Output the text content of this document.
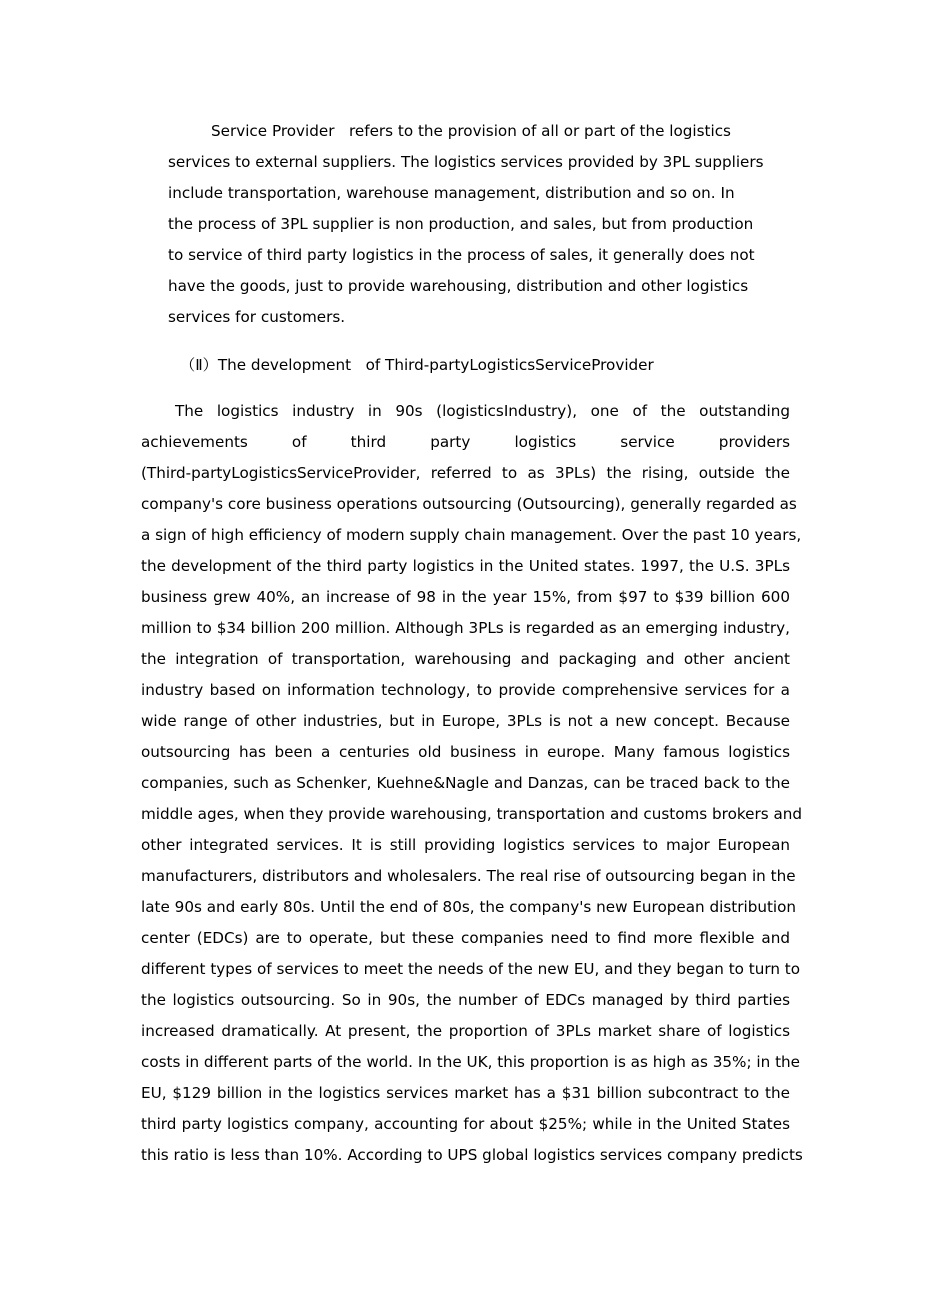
Service Provider   refers to the provision of all or part of the logistics
services to external suppliers. The logistics services provided by 3PL suppliers
include transportation, warehouse management, distribution and so on. In
the process of 3PL supplier is non production, and sales, but from production
to service of third party logistics in the process of sales, it generally does not
have the goods, just to provide warehousing, distribution and other logistics
services for customers.
（Ⅱ）The development   of Third-partyLogisticsServiceProvider
The logistics industry in 90s (logisticsIndustry), one of the outstanding
achievements of third party logistics service providers
(Third-partyLogisticsServiceProvider, referred to as 3PLs) the rising, outside the
company's core business operations outsourcing (Outsourcing), generally regarded as
a sign of high efficiency of modern supply chain management. Over the past 10 years,
the development of the third party logistics in the United states. 1997, the U.S. 3PLs
business grew 40%, an increase of 98 in the year 15%, from $97 to $39 billion 600
million to $34 billion 200 million. Although 3PLs is regarded as an emerging industry,
the integration of transportation, warehousing and packaging and other ancient
industry based on information technology, to provide comprehensive services for a
wide range of other industries, but in Europe, 3PLs is not a new concept. Because
outsourcing has been a centuries old business in europe. Many famous logistics
companies, such as Schenker, Kuehne&Nagle and Danzas, can be traced back to the
middle ages, when they provide warehousing, transportation and customs brokers and
other integrated services. It is still providing logistics services to major European
manufacturers, distributors and wholesalers. The real rise of outsourcing began in the
late 90s and early 80s. Until the end of 80s, the company's new European distribution
center (EDCs) are to operate, but these companies need to find more flexible and
different types of services to meet the needs of the new EU, and they began to turn to
the logistics outsourcing. So in 90s, the number of EDCs managed by third parties
increased dramatically. At present, the proportion of 3PLs market share of logistics
costs in different parts of the world. In the UK, this proportion is as high as 35%; in the
EU, $129 billion in the logistics services market has a $31 billion subcontract to the
third party logistics company, accounting for about $25%; while in the United States
this ratio is less than 10%. According to UPS global logistics services company predicts
